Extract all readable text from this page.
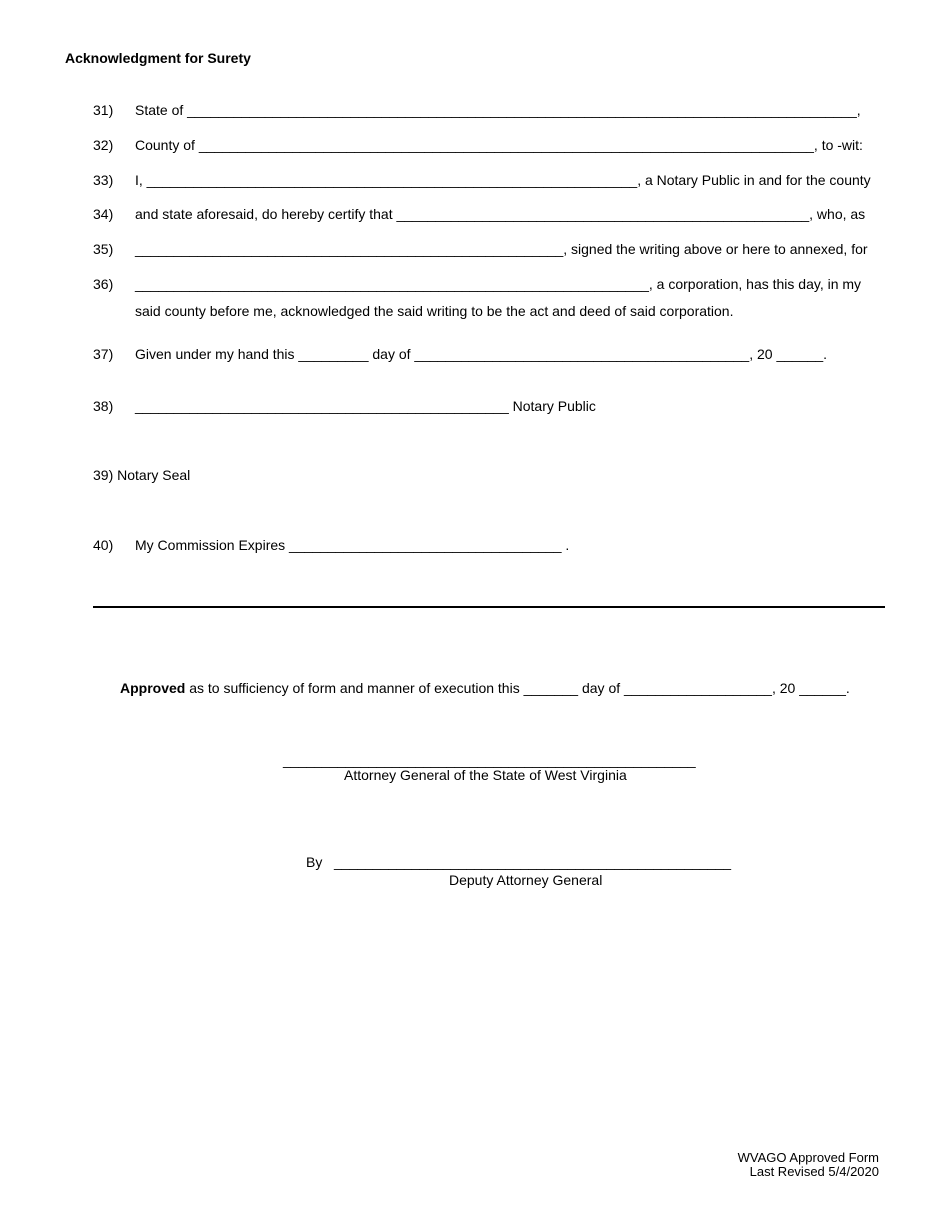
Acknowledgment for Surety
31) State of ______________________________________________________________________________________,
32) County of _______________________________________________________________________________, to -wit:
33) I, _______________________________________________________________, a Notary Public in and for the county
34) and state aforesaid, do hereby certify that _____________________________________________________, who, as
35) _______________________________________________________, signed the writing above or here to annexed, for
36) __________________________________________________________________, a corporation, has this day, in my
said county before me, acknowledged the said writing to be the act and deed of said corporation.
37) Given under my hand this _________ day of ___________________________________________, 20 ______.
38) ________________________________________________ Notary Public
39) Notary Seal
40) My Commission Expires ___________________________________ .
Approved as to sufficiency of form and manner of execution this _______ day of ___________________, 20 ______.
_____________________________________________________
Attorney General of the State of West Virginia
By ___________________________________________________
Deputy Attorney General
WVAGO Approved Form
Last Revised 5/4/2020
